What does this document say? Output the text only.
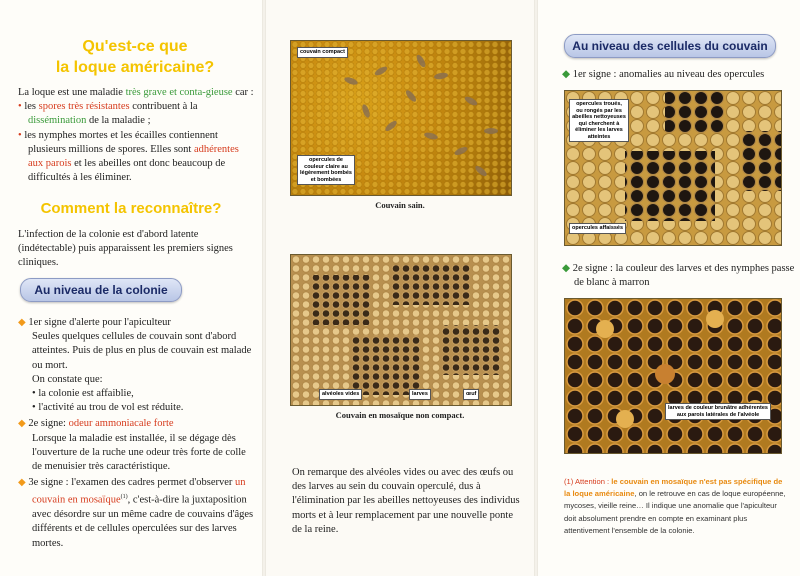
Qu'est-ce que
la loque américaine?

La loque est une maladie très grave et conta-gieuse car :

• les spores très résistantes contribuent à la dissémination de la maladie ;

• les nymphes mortes et les écailles contiennent plusieurs millions de spores. Elles sont adhérentes aux parois et les abeilles ont donc beaucoup de difficultés à les éliminer.

Comment la reconnaître?
L'infection de la colonie est d'abord latente (indétectable) puis apparaissent les premiers signes cliniques.
Au niveau de la colonie

◆ 1er signe d'alerte pour l'apiculteur

Seules quelques cellules de couvain sont d'abord atteintes. Puis de plus en plus de couvain est malade ou mort.

On constate que:

• la colonie est affaiblie,

• l'activité au trou de vol est réduite.

◆ 2e signe: odeur ammoniacale forte

Lorsque la maladie est installée, il se dégage dès l'ouverture de la ruche une odeur très forte de colle de menuisier très caractéristique.

◆ 3e signe : l'examen des cadres permet d'observer un couvain en mosaïque$^{(1)}$, c'est-à-dire la juxtaposition avec désordre sur un même cadre de couvains d'âges différents et de cellules operculées sur des larves mortes.

couvain compact
opercules de couleur claire au légèrement bombés et bombées
Couvain sain.
alvéoles vides	larves	œuf
Couvain en mosaïque non compact.
On remarque des alvéoles vides ou avec des œufs ou des larves au sein du couvain operculé, dus à l'élimination par les abeilles nettoyeuses des individus morts et à leur remplacement par une nouvelle ponte de la reine.
Au niveau des cellules du couvain
◆ 1er signe : anomalies au niveau des opercules
opercules troués, ou rongés par les abeilles nettoyeuses qui cherchent à éliminer les larves atteintes
opercules affaissés
◆ 2e signe : la couleur des larves et des nymphes passe de blanc à marron
larves de couleur brunâtre adhérentes aux parois latérales de l'alvéole
(1) Attention : le couvain en mosaïque n'est pas spécifique de la loque américaine, on le retrouve en cas de loque européenne, mycoses, vieille reine… Il indique une anomalie que l'apiculteur doit absolument prendre en compte en examinant plus attentivement l'ensemble de la colonie.
